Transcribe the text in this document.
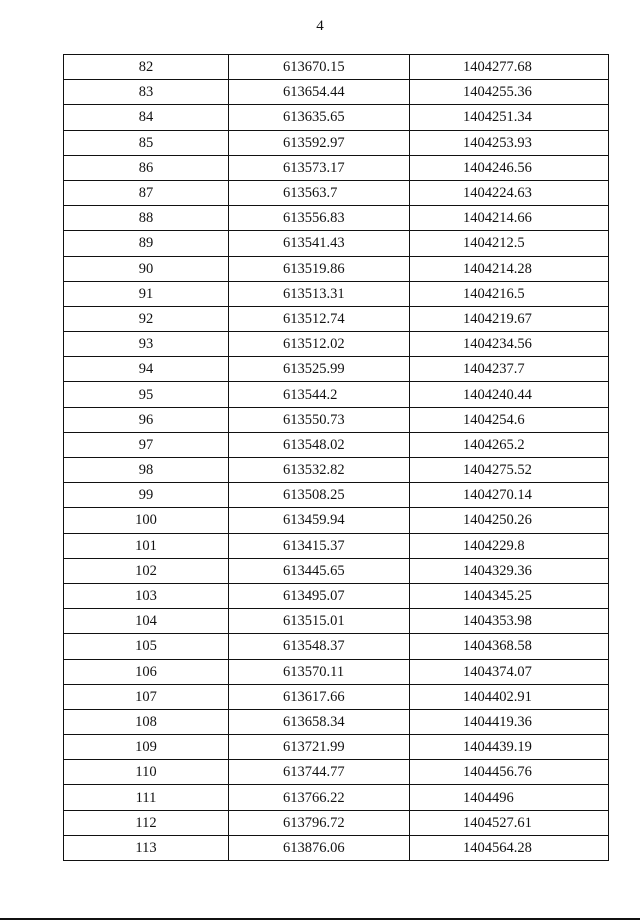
4
82	613670.15	1404277.68
83	613654.44	1404255.36
84	613635.65	1404251.34
85	613592.97	1404253.93
86	613573.17	1404246.56
87	613563.7	1404224.63
88	613556.83	1404214.66
89	613541.43	1404212.5
90	613519.86	1404214.28
91	613513.31	1404216.5
92	613512.74	1404219.67
93	613512.02	1404234.56
94	613525.99	1404237.7
95	613544.2	1404240.44
96	613550.73	1404254.6
97	613548.02	1404265.2
98	613532.82	1404275.52
99	613508.25	1404270.14
100	613459.94	1404250.26
101	613415.37	1404229.8
102	613445.65	1404329.36
103	613495.07	1404345.25
104	613515.01	1404353.98
105	613548.37	1404368.58
106	613570.11	1404374.07
107	613617.66	1404402.91
108	613658.34	1404419.36
109	613721.99	1404439.19
110	613744.77	1404456.76
111	613766.22	1404496
112	613796.72	1404527.61
113	613876.06	1404564.28
